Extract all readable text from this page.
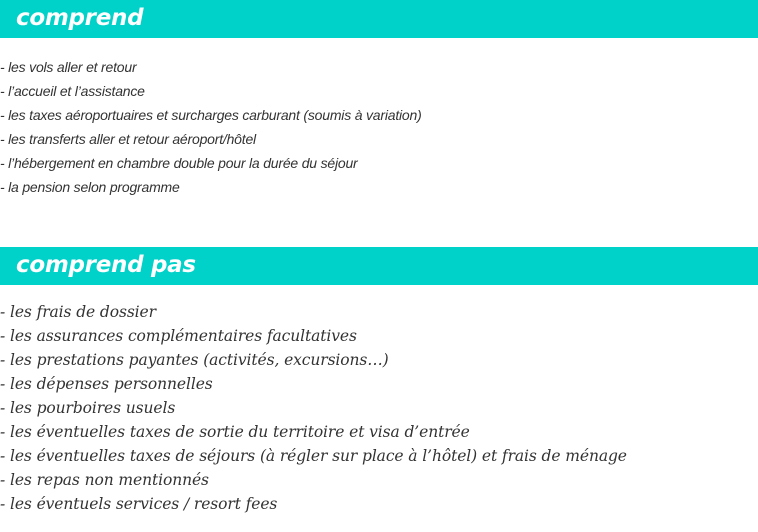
comprend
- les vols aller et retour
- l’accueil et l’assistance
- les taxes aéroportuaires et surcharges carburant (soumis à variation)
- les transferts aller et retour aéroport/hôtel
- l’hébergement en chambre double pour la durée du séjour
- la pension selon programme
comprend pas
- les frais de dossier
- les assurances complémentaires facultatives
- les prestations payantes (activités, excursions…)
- les dépenses personnelles
- les pourboires usuels
- les éventuelles taxes de sortie du territoire et visa d’entrée
- les éventuelles taxes de séjours (à régler sur place à l’hôtel) et frais de ménage
- les repas non mentionnés
- les éventuels services / resort fees
